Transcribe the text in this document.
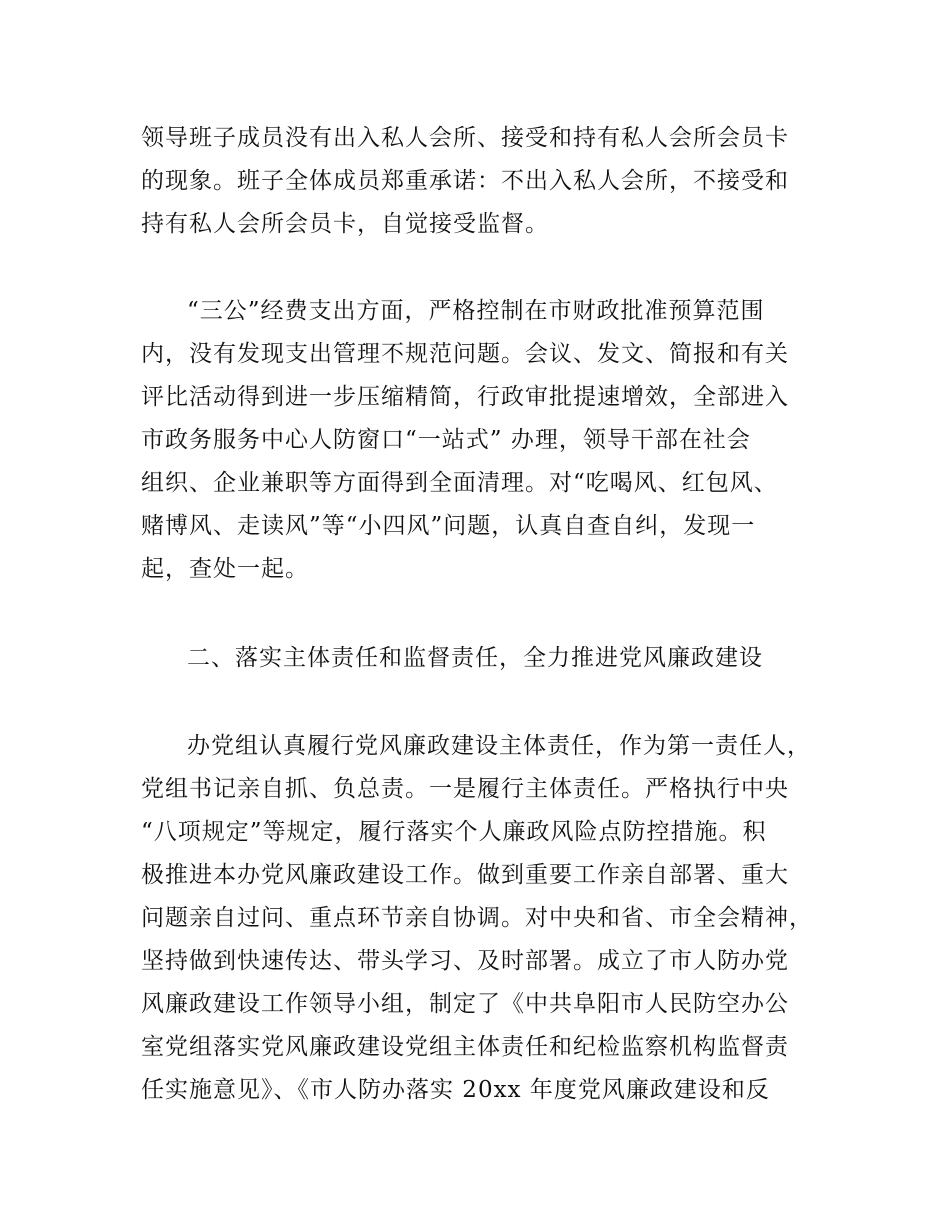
领导班子成员没有出入私人会所、接受和持有私人会所会员卡
的现象。班子全体成员郑重承诺：不出入私人会所，不接受和
持有私人会所会员卡，自觉接受监督。
“三公”经费支出方面，严格控制在市财政批准预算范围
内，没有发现支出管理不规范问题。会议、发文、简报和有关
评比活动得到进一步压缩精简，行政审批提速增效，全部进入
市政务服务中心人防窗口“一站式” 办理，领导干部在社会
组织、企业兼职等方面得到全面清理。对“吃喝风、红包风、
赌博风、走读风”等“小四风”问题，认真自查自纠，发现一
起，查处一起。
二、落实主体责任和监督责任，全力推进党风廉政建设
办党组认真履行党风廉政建设主体责任，作为第一责任人，
党组书记亲自抓、负总责。一是履行主体责任。严格执行中央
“八项规定”等规定，履行落实个人廉政风险点防控措施。积
极推进本办党风廉政建设工作。做到重要工作亲自部署、重大
问题亲自过问、重点环节亲自协调。对中央和省、市全会精神，
坚持做到快速传达、带头学习、及时部署。成立了市人防办党
风廉政建设工作领导小组，制定了《中共阜阳市人民防空办公
室党组落实党风廉政建设党组主体责任和纪检监察机构监督责
任实施意见》、《市人防办落实 20xx 年度党风廉政建设和反
